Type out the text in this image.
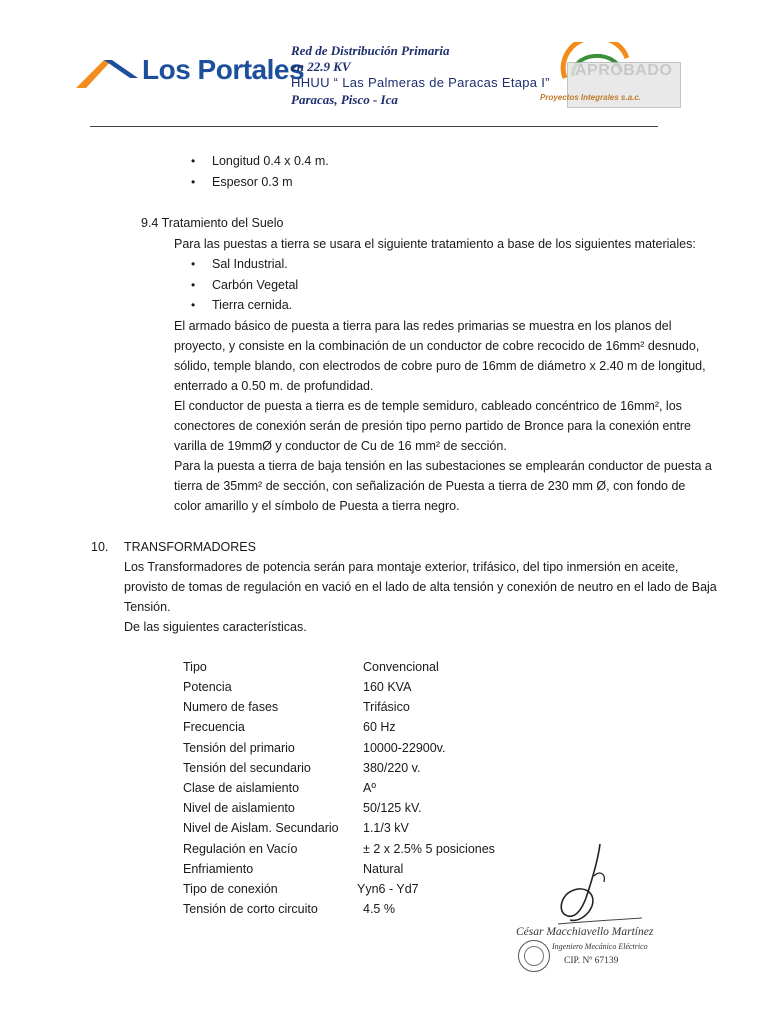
Los Portales
Red de Distribución Primaria
en 22.9 KV
HHUU “ Las Palmeras de Paracas Etapa I”
Paracas, Pisco - Ica
APROBADO
Proyectos Integrales s.a.c.
• Longitud 0.4 x 0.4 m.
• Espesor 0.3 m
9.4 Tratamiento del Suelo
Para las puestas a tierra se usara el siguiente tratamiento a base de los siguientes materiales:
• Sal Industrial.
• Carbón Vegetal
• Tierra cernida.
El armado básico de puesta a tierra para las redes primarias se muestra en los planos del
proyecto, y consiste en la combinación de un conductor de cobre recocido de 16mm² desnudo,
sólido, temple blando, con electrodos de cobre puro de 16mm de diámetro x 2.40 m de longitud,
enterrado a 0.50 m. de profundidad.
El conductor de puesta a tierra es de temple semiduro, cableado concéntrico de 16mm², los
conectores de conexión serán de presión tipo perno partido de Bronce para la conexión entre
varilla de 19mmØ y conductor de Cu de 16 mm² de sección.
Para la puesta a tierra de baja tensión en las subestaciones se emplearán conductor de puesta a
tierra de 35mm² de sección, con señalización de Puesta a tierra de 230 mm Ø, con fondo de
color amarillo y el símbolo de Puesta a tierra negro.
10. TRANSFORMADORES
Los Transformadores de potencia serán para montaje exterior, trifásico, del tipo inmersión en aceite,
provisto de tomas de regulación en vació en el lado de alta tensión y conexión de neutro en el lado de Baja
Tensión.
De las siguientes características.
Tipo	Convencional
Potencia	160 KVA
Numero de fases	Trifásico
Frecuencia	60 Hz
Tensión del primario	10000-22900v.
Tensión del secundario	380/220 v.
Clase de aislamiento	Aº
Nivel de aislamiento	50/125 kV.
Nivel de Aislam. Secundario 1.1/3 kV
Regulación en Vacío	± 2 x 2.5% 5 posiciones
Enfriamiento	Natural
Tipo de conexión	Yyn6 - Yd7
Tensión de corto circuito	4.5 %
César Macchiavello Martínez
Ingeniero Mecánico Eléctrico
CIP. Nº 67139
